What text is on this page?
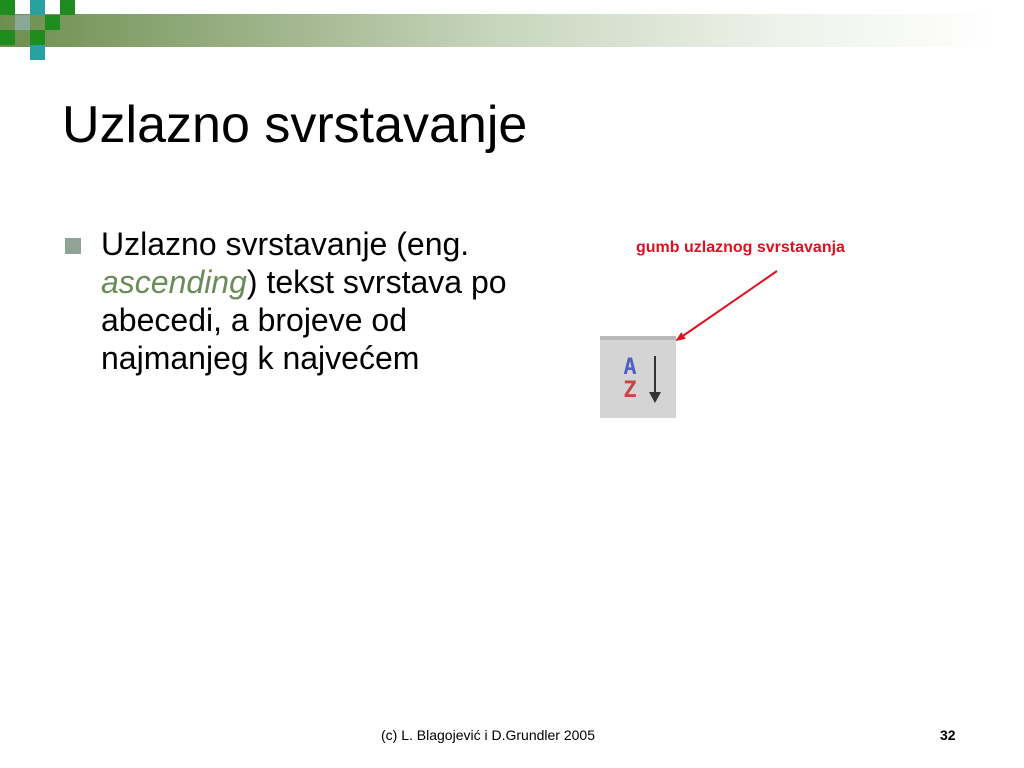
Uzlazno svrstavanje
Uzlazno svrstavanje (eng. ascending) tekst svrstava po abecedi, a brojeve od najmanjeg k najvećem
gumb uzlaznog svrstavanja
A
Z
(c) L. Blagojević i D.Grundler 2005	32
